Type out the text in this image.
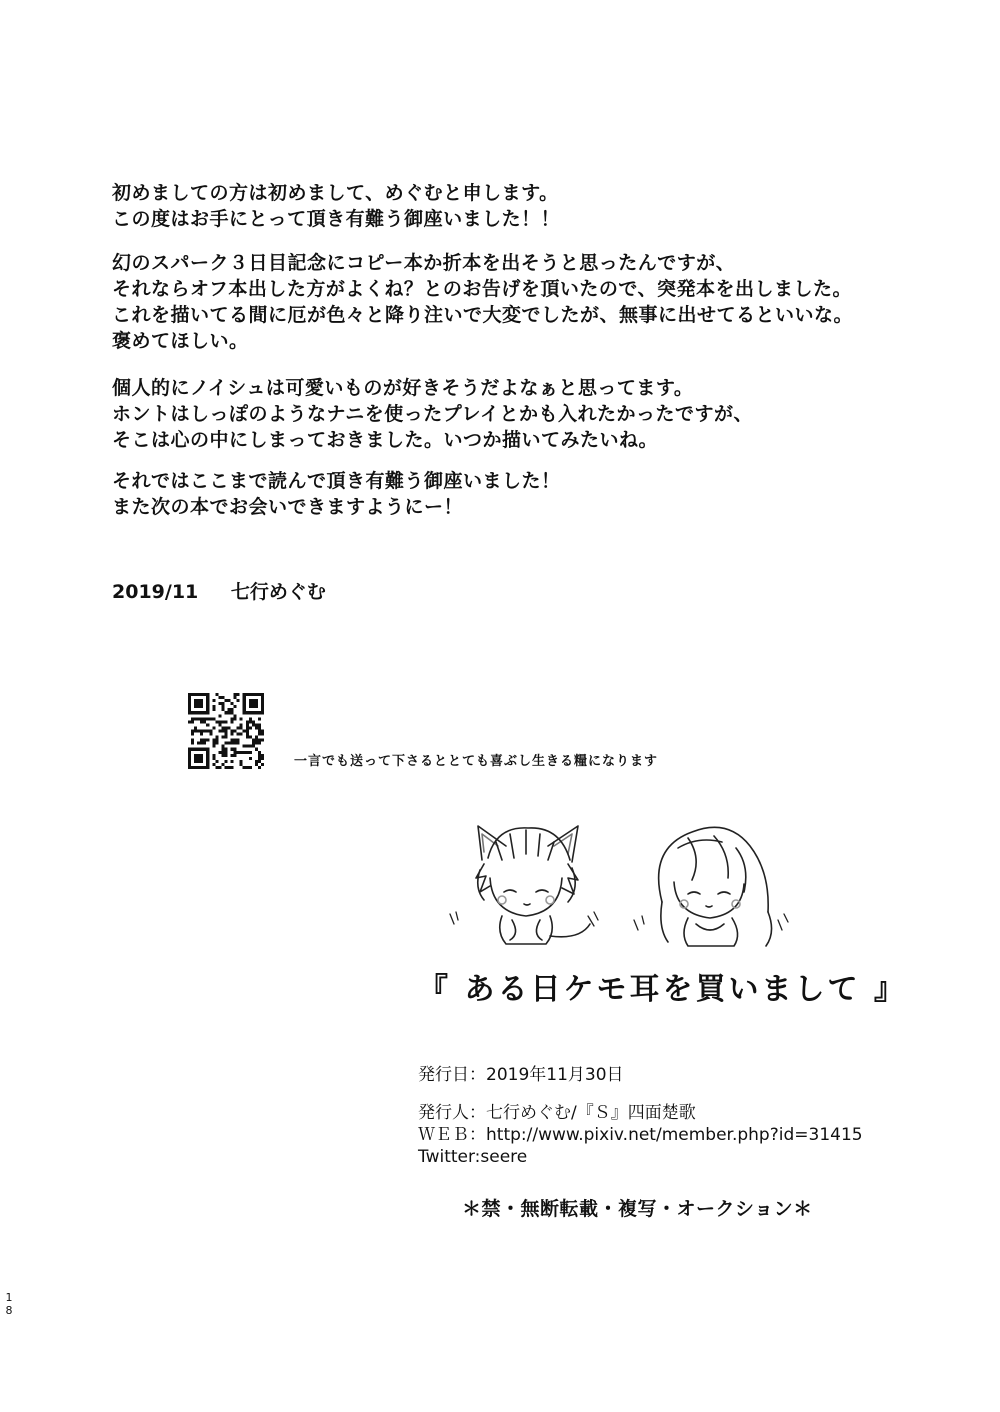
初めましての方は初めまして、めぐむと申します。
この度はお手にとって頂き有難う御座いました！！
幻のスパーク３日目記念にコピー本か折本を出そうと思ったんですが、
それならオフ本出した方がよくね？とのお告げを頂いたので、突発本を出しました。
これを描いてる間に厄が色々と降り注いで大変でしたが、無事に出せてるといいな。
褒めてほしい。
個人的にノイシュは可愛いものが好きそうだよなぁと思ってます。
ホントはしっぽのようなナニを使ったプレイとかも入れたかったですが、
そこは心の中にしまっておきました。いつか描いてみたいね。
それではここまで読んで頂き有難う御座いました！
また次の本でお会いできますようにー！
2019/11 七行めぐむ
一言でも送って下さるととても喜ぶし生きる糧になります
『 ある日ケモ耳を買いまして 』
発行日：2019年11月30日
発行人：七行めぐむ/『Ｓ』四面楚歌
ＷＥＢ：http://www.pixiv.net/member.php?id=31415
Twitter:seere
＊禁・無断転載・複写・オークション＊
1
8
